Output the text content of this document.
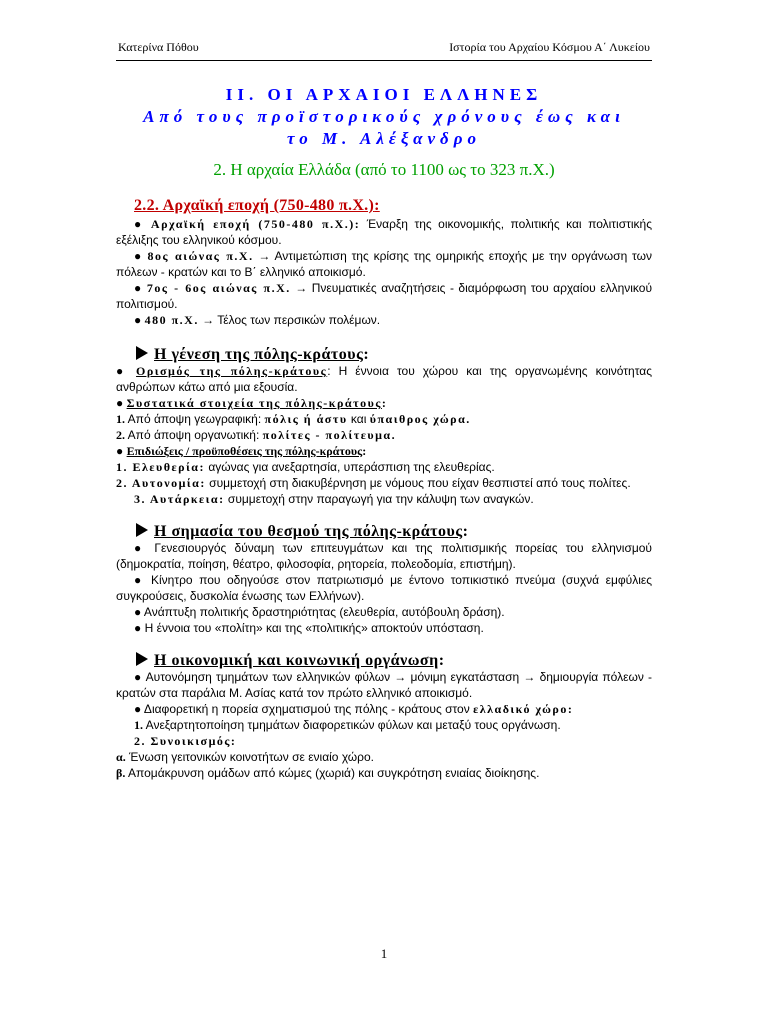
Κατερίνα Πόθου	Ιστορία του Αρχαίου Κόσμου Α΄ Λυκείου
ΙΙ. ΟΙ ΑΡΧΑΙΟΙ ΕΛΛΗΝΕΣ
Από τους προϊστορικούς χρόνους έως και
το Μ. Αλέξανδρο
2. Η αρχαία Ελλάδα (από το 1100 ως το 323 π.Χ.)

2.2. Αρχαϊκή εποχή (750-480 π.Χ.):

● Αρχαϊκή εποχή (750-480 π.Χ.): Έναρξη της οικονομικής, πολιτικής και πολιτιστικής εξέλιξης του ελληνικού κόσμου.

● 8ος αιώνας π.Χ. → Αντιμετώπιση της κρίσης της ομηρικής εποχής με την οργάνωση των πόλεων - κρατών και το Β΄ ελληνικό αποικισμό.

● 7ος - 6ος αιώνας π.Χ. → Πνευματικές αναζητήσεις - διαμόρφωση του αρχαίου ελληνικού πολιτισμού.

● 480 π.Χ. → Τέλος των περσικών πολέμων.

Η γένεση της πόλης-κράτους:

● Ορισμός της πόλης-κράτους: Η έννοια του χώρου και της οργανωμένης κοινότητας ανθρώπων κάτω από μια εξουσία.

● Συστατικά στοιχεία της πόλης-κράτους:

1. Από άποψη γεωγραφική: πόλις ή άστυ και ύπαιθρος χώρα.

2. Από άποψη οργανωτική: πολίτες - πολίτευμα.

● Επιδιώξεις / προϋποθέσεις της πόλης-κράτους:

1. Ελευθερία: αγώνας για ανεξαρτησία, υπεράσπιση της ελευθερίας.

2. Αυτονομία: συμμετοχή στη διακυβέρνηση με νόμους που είχαν θεσπιστεί από τους πολίτες.

3. Αυτάρκεια: συμμετοχή στην παραγωγή για την κάλυψη των αναγκών.

Η σημασία του θεσμού της πόλης-κράτους:

● Γενεσιουργός δύναμη των επιτευγμάτων και της πολιτισμικής πορείας του ελληνισμού (δημοκρατία, ποίηση, θέατρο, φιλοσοφία, ρητορεία, πολεοδομία, επιστήμη).

● Κίνητρο που οδηγούσε στον πατριωτισμό με έντονο τοπικιστικό πνεύμα (συχνά εμφύλιες συγκρούσεις, δυσκολία ένωσης των Ελλήνων).

● Ανάπτυξη πολιτικής δραστηριότητας (ελευθερία, αυτόβουλη δράση).

● Η έννοια του «πολίτη» και της «πολιτικής» αποκτούν υπόσταση.

Η οικονομική και κοινωνική οργάνωση:

● Αυτονόμηση τμημάτων των ελληνικών φύλων → μόνιμη εγκατάσταση → δημιουργία πόλεων - κρατών στα παράλια Μ. Ασίας κατά τον πρώτο ελληνικό αποικισμό.

● Διαφορετική η πορεία σχηματισμού της πόλης - κράτους στον ελλαδικό χώρο:

1. Ανεξαρτητοποίηση τμημάτων διαφορετικών φύλων και μεταξύ τους οργάνωση.

2. Συνοικισμός:

α. Ένωση γειτονικών κοινοτήτων σε ενιαίο χώρο.

β. Απομάκρυνση ομάδων από κώμες (χωριά) και συγκρότηση ενιαίας διοίκησης.

1
